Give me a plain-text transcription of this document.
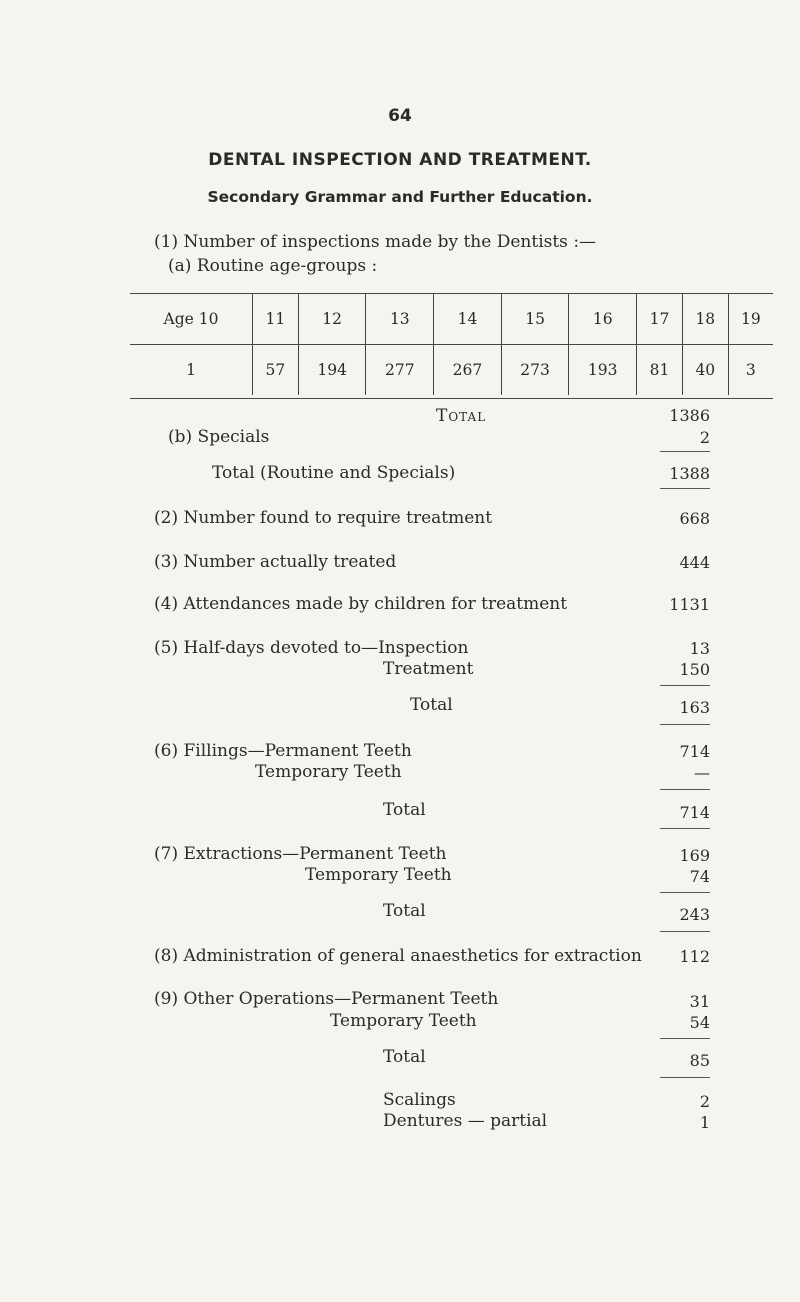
64
DENTAL INSPECTION AND TREATMENT.
Secondary Grammar and Further Education.
(1) Number of inspections made by the Dentists :—
(a) Routine age-groups :
Age 10	11	12	13	14	15	16	17	18	19
1	57	194	277	267	273	193	81	40	3
Total	1386
(b) Specials	2
Total (Routine and Specials)	1388
(2) Number found to require treatment	668
(3) Number actually treated	444
(4) Attendances made by children for treatment	1131
(5) Half-days devoted to—Inspection	13
Treatment	150
Total	163
(6) Fillings—Permanent Teeth	714
Temporary Teeth	—
Total	714
(7) Extractions—Permanent Teeth	169
Temporary Teeth	74
Total	243
(8) Administration of general anaesthetics for extraction	112
(9) Other Operations—Permanent Teeth	31
Temporary Teeth	54
Total	85
Scalings	2
Dentures — partial	1
